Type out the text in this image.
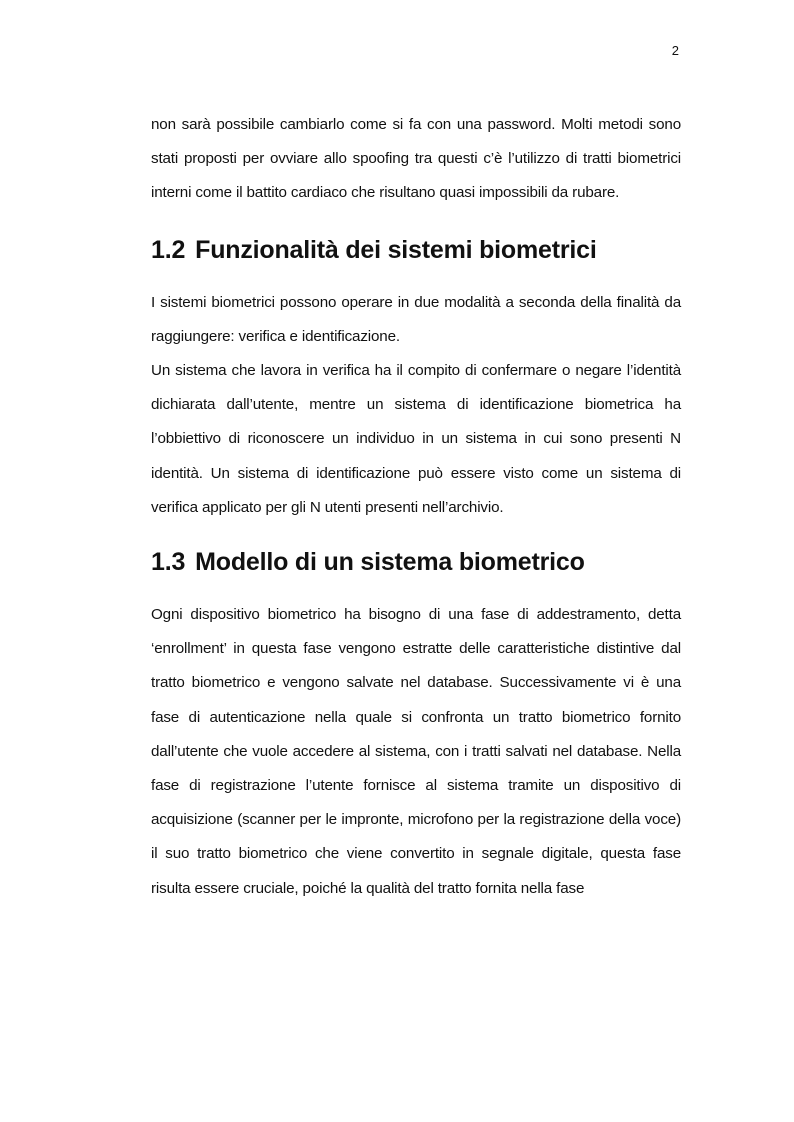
2

non sarà possibile cambiarlo come si fa con una password. Molti metodi sono stati proposti per ovviare allo spoofing tra questi c’è l’utilizzo di tratti biometrici interni come il battito cardiaco che risultano quasi impossibili da rubare.

1.2 Funzionalità dei sistemi biometrici

I sistemi biometrici possono operare in due modalità a seconda della finalità da raggiungere: verifica e identificazione.

Un sistema che lavora in verifica ha il compito di confermare o negare l’identità dichiarata dall’utente, mentre un sistema di identificazione biometrica ha l’obbiettivo di riconoscere un individuo in un sistema in cui sono presenti N identità. Un sistema di identificazione può essere visto come un sistema di verifica applicato per gli N utenti presenti nell’archivio.

1.3 Modello di un sistema biometrico

Ogni dispositivo biometrico ha bisogno di una fase di addestramento, detta ‘enrollment’ in questa fase vengono estratte delle caratteristiche distintive dal tratto biometrico e vengono salvate nel database. Successivamente vi è una fase di autenticazione nella quale si confronta un tratto biometrico fornito dall’utente che vuole accedere al sistema, con i tratti salvati nel database. Nella fase di registrazione l’utente fornisce al sistema tramite un dispositivo di acquisizione (scanner per le impronte, microfono per la registrazione della voce) il suo tratto biometrico che viene convertito in segnale digitale, questa fase risulta essere cruciale, poiché la qualità del tratto fornita nella fase
